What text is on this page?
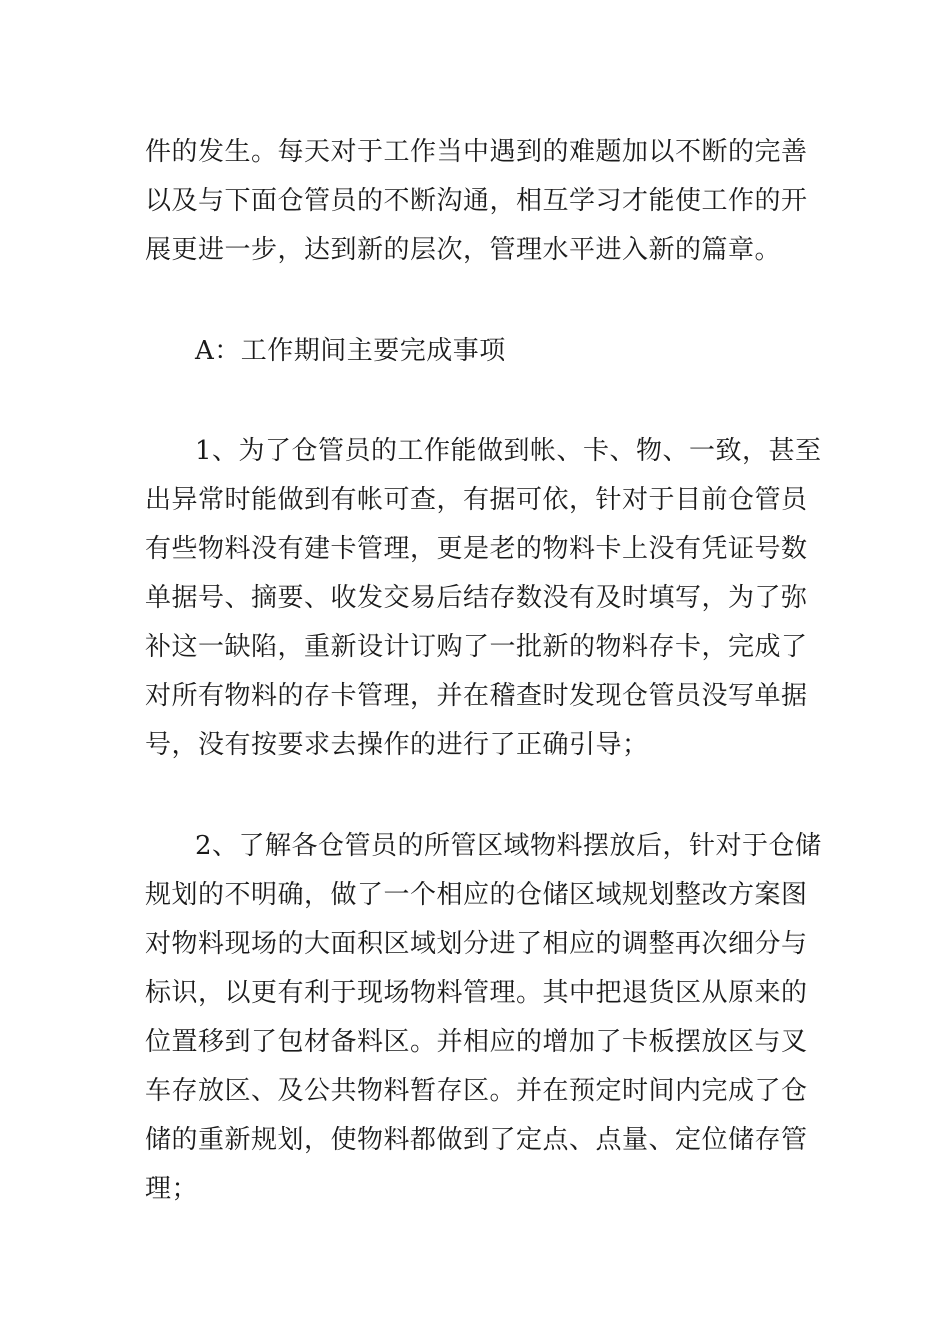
件的发生。每天对于工作当中遇到的难题加以不断的完善

以及与下面仓管员的不断沟通，相互学习才能使工作的开

展更进一步，达到新的层次，管理水平进入新的篇章。

A：工作期间主要完成事项

1、为了仓管员的工作能做到帐、卡、物、一致，甚至

出异常时能做到有帐可查，有据可依，针对于目前仓管员

有些物料没有建卡管理，更是老的物料卡上没有凭证号数

单据号、摘要、收发交易后结存数没有及时填写，为了弥

补这一缺陷，重新设计订购了一批新的物料存卡，完成了

对所有物料的存卡管理，并在稽查时发现仓管员没写单据

号，没有按要求去操作的进行了正确引导；

2、了解各仓管员的所管区域物料摆放后，针对于仓储

规划的不明确，做了一个相应的仓储区域规划整改方案图

对物料现场的大面积区域划分进了相应的调整再次细分与

标识，以更有利于现场物料管理。其中把退货区从原来的

位置移到了包材备料区。并相应的增加了卡板摆放区与叉

车存放区、及公共物料暂存区。并在预定时间内完成了仓

储的重新规划，使物料都做到了定点、点量、定位储存管

理；
